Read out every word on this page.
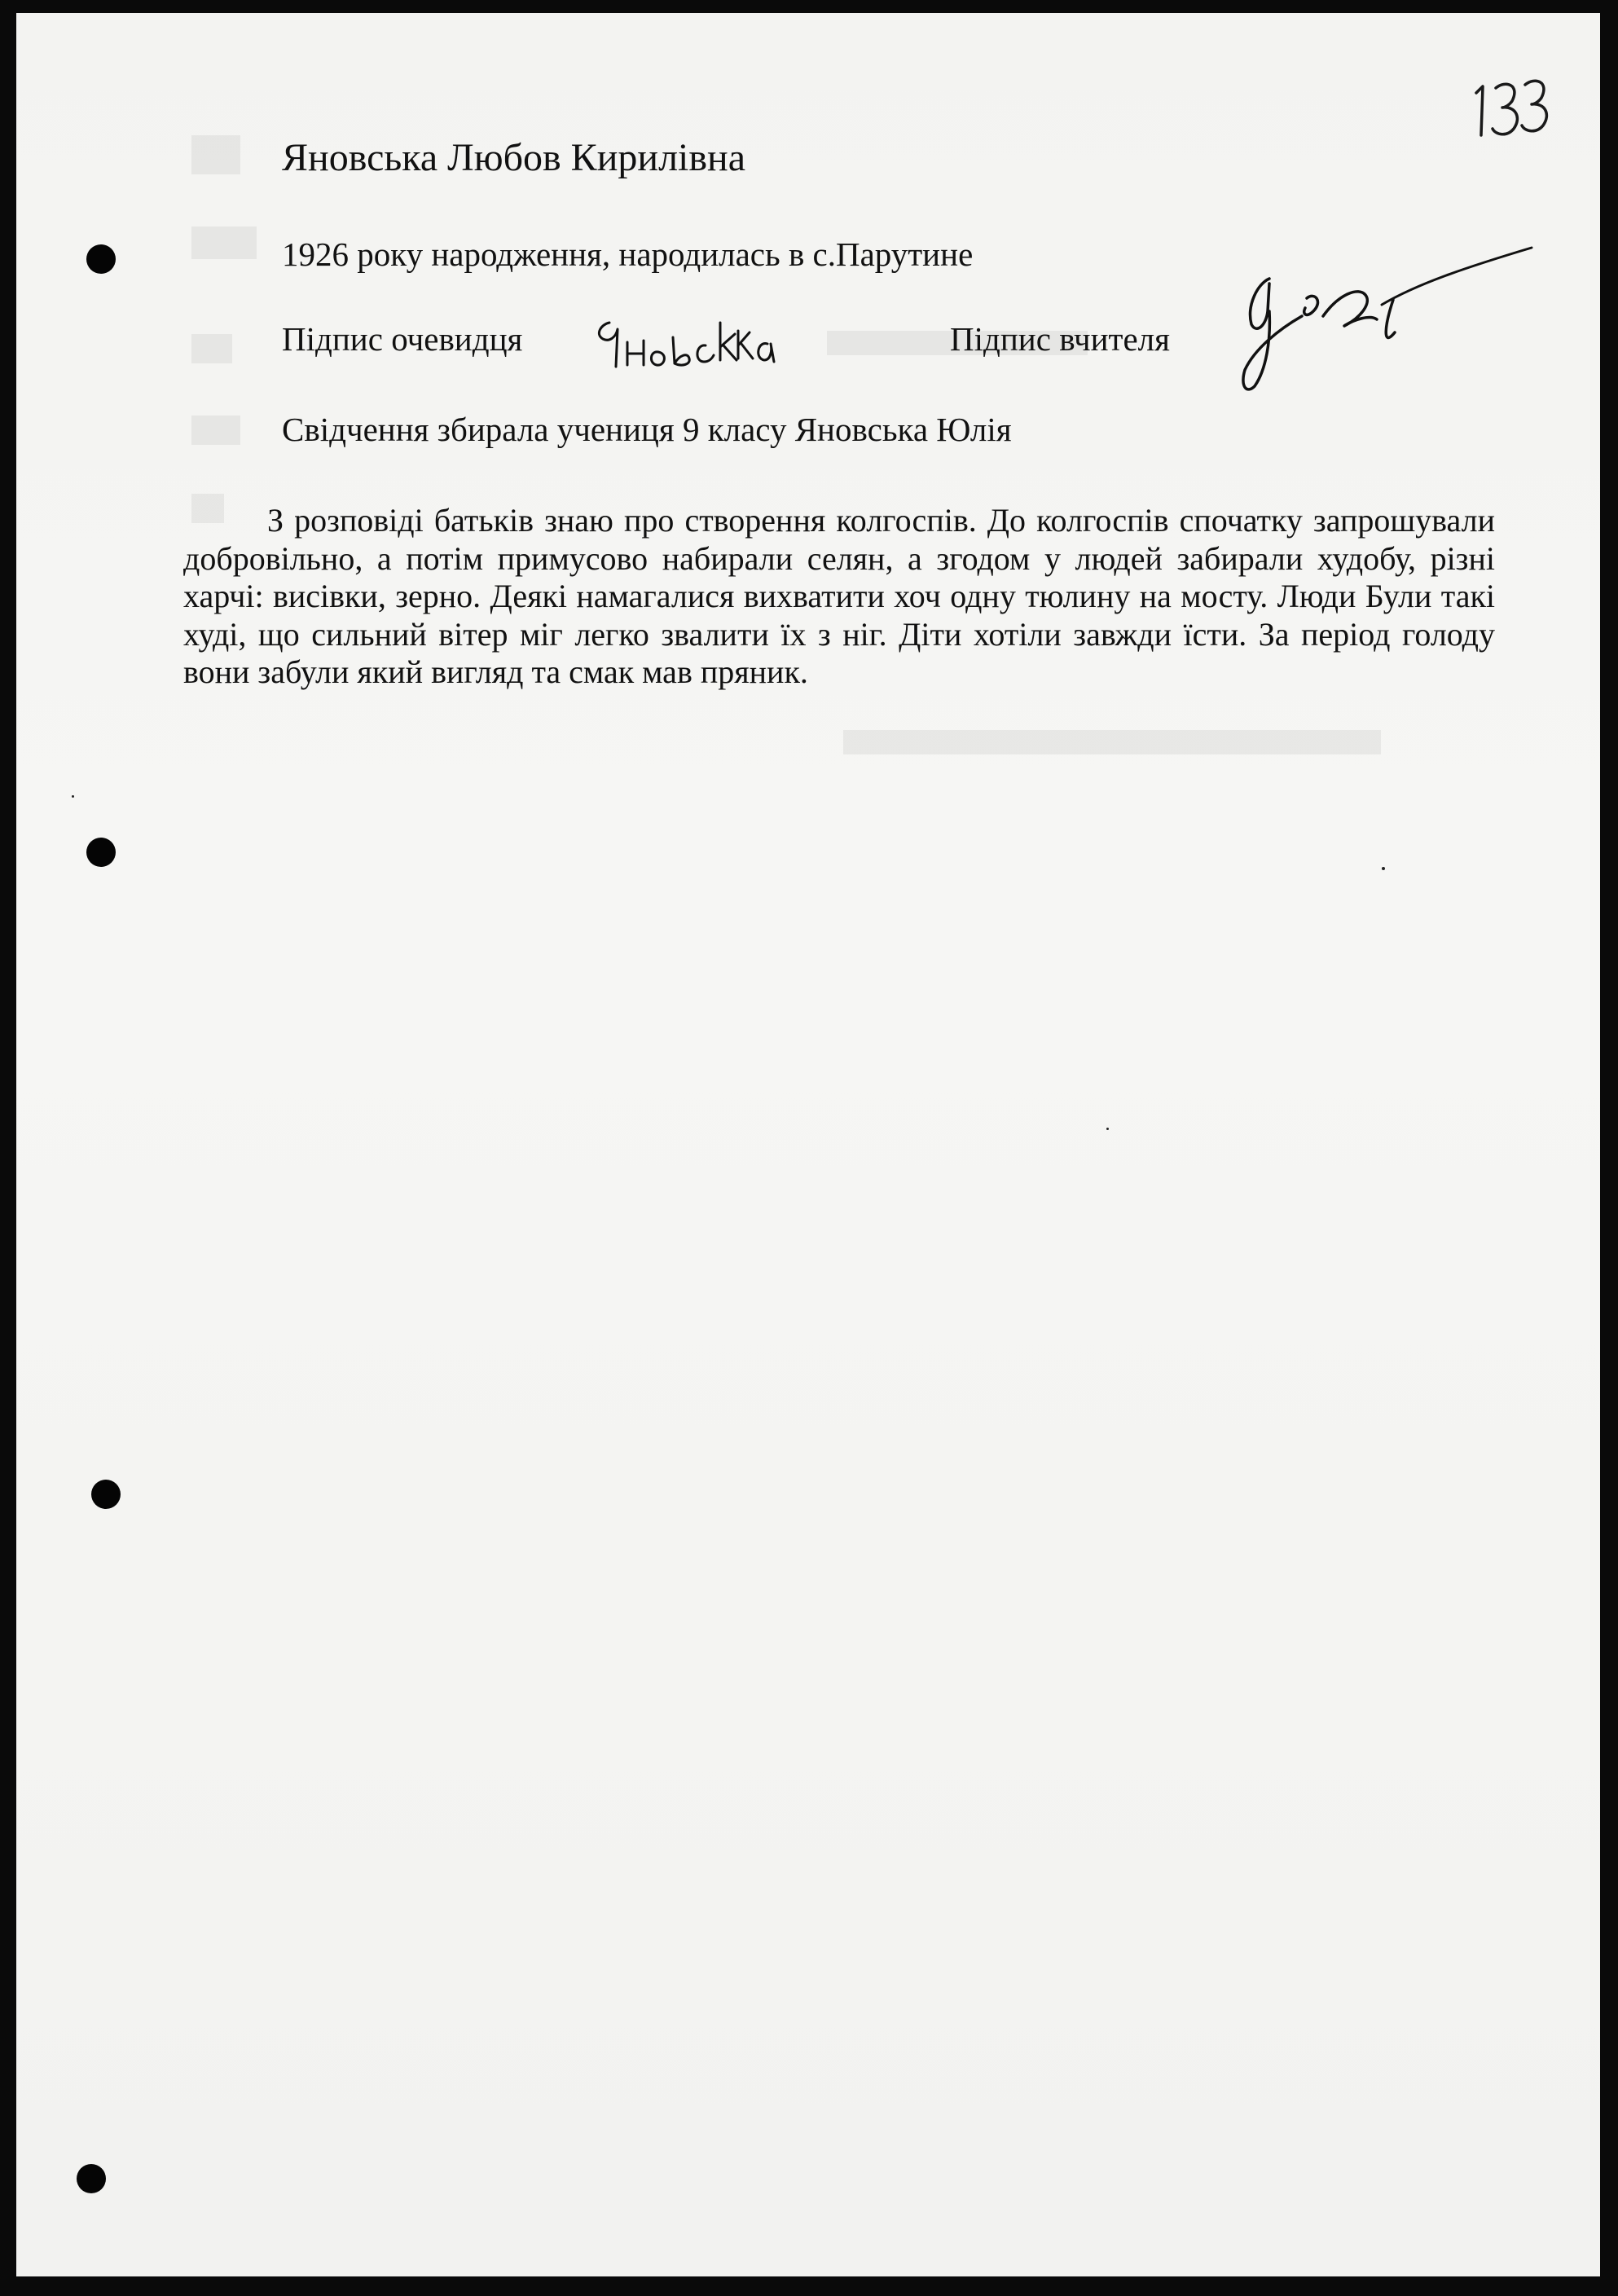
Яновська Любов Кирилівна
1926 року народження, народилась в с.Парутине
Підпис очевидця	Підпис вчителя
Свідчення збирала учениця 9 класу Яновська Юлія
З розповіді батьків знаю про створення колгоспів. До колгоспів спочатку запрошували добровільно, а потім примусово набирали селян, а згодом у людей забирали худобу, різні харчі: висівки, зерно. Деякі намагалися вихватити хоч одну тюлину на мосту. Люди Були такі худі, що сильний вітер міг легко звалити їх з ніг. Діти хотіли завжди їсти. За період голоду вони забули який вигляд та смак мав пряник.
